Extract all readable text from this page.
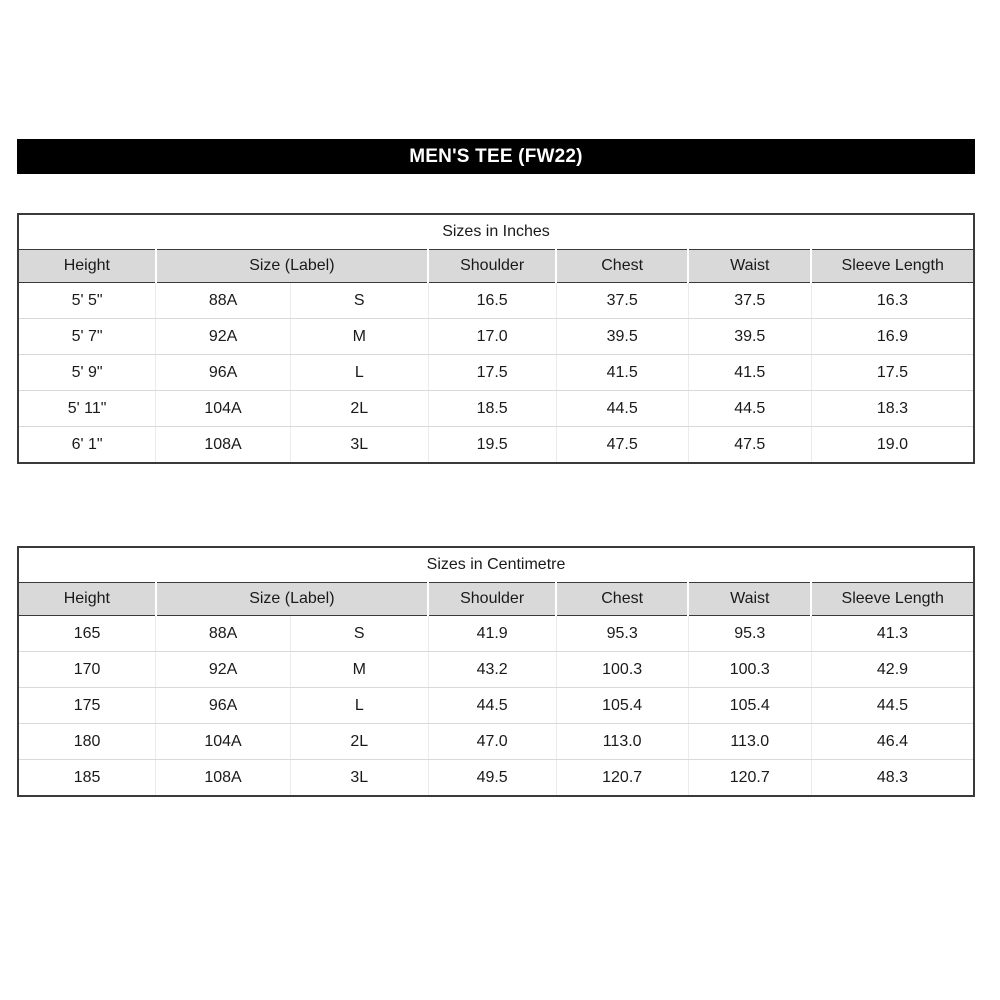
MEN'S TEE (FW22)
Sizes in Inches						
Height	Size (Label)		Shoulder	Chest	Waist	Sleeve Length
5' 5"	88A	S	16.5	37.5	37.5	16.3
5' 7"	92A	M	17.0	39.5	39.5	16.9
5' 9"	96A	L	17.5	41.5	41.5	17.5
5' 11"	104A	2L	18.5	44.5	44.5	18.3
6' 1"	108A	3L	19.5	47.5	47.5	19.0
Sizes in Centimetre						
Height	Size (Label)		Shoulder	Chest	Waist	Sleeve Length
165	88A	S	41.9	95.3	95.3	41.3
170	92A	M	43.2	100.3	100.3	42.9
175	96A	L	44.5	105.4	105.4	44.5
180	104A	2L	47.0	113.0	113.0	46.4
185	108A	3L	49.5	120.7	120.7	48.3
